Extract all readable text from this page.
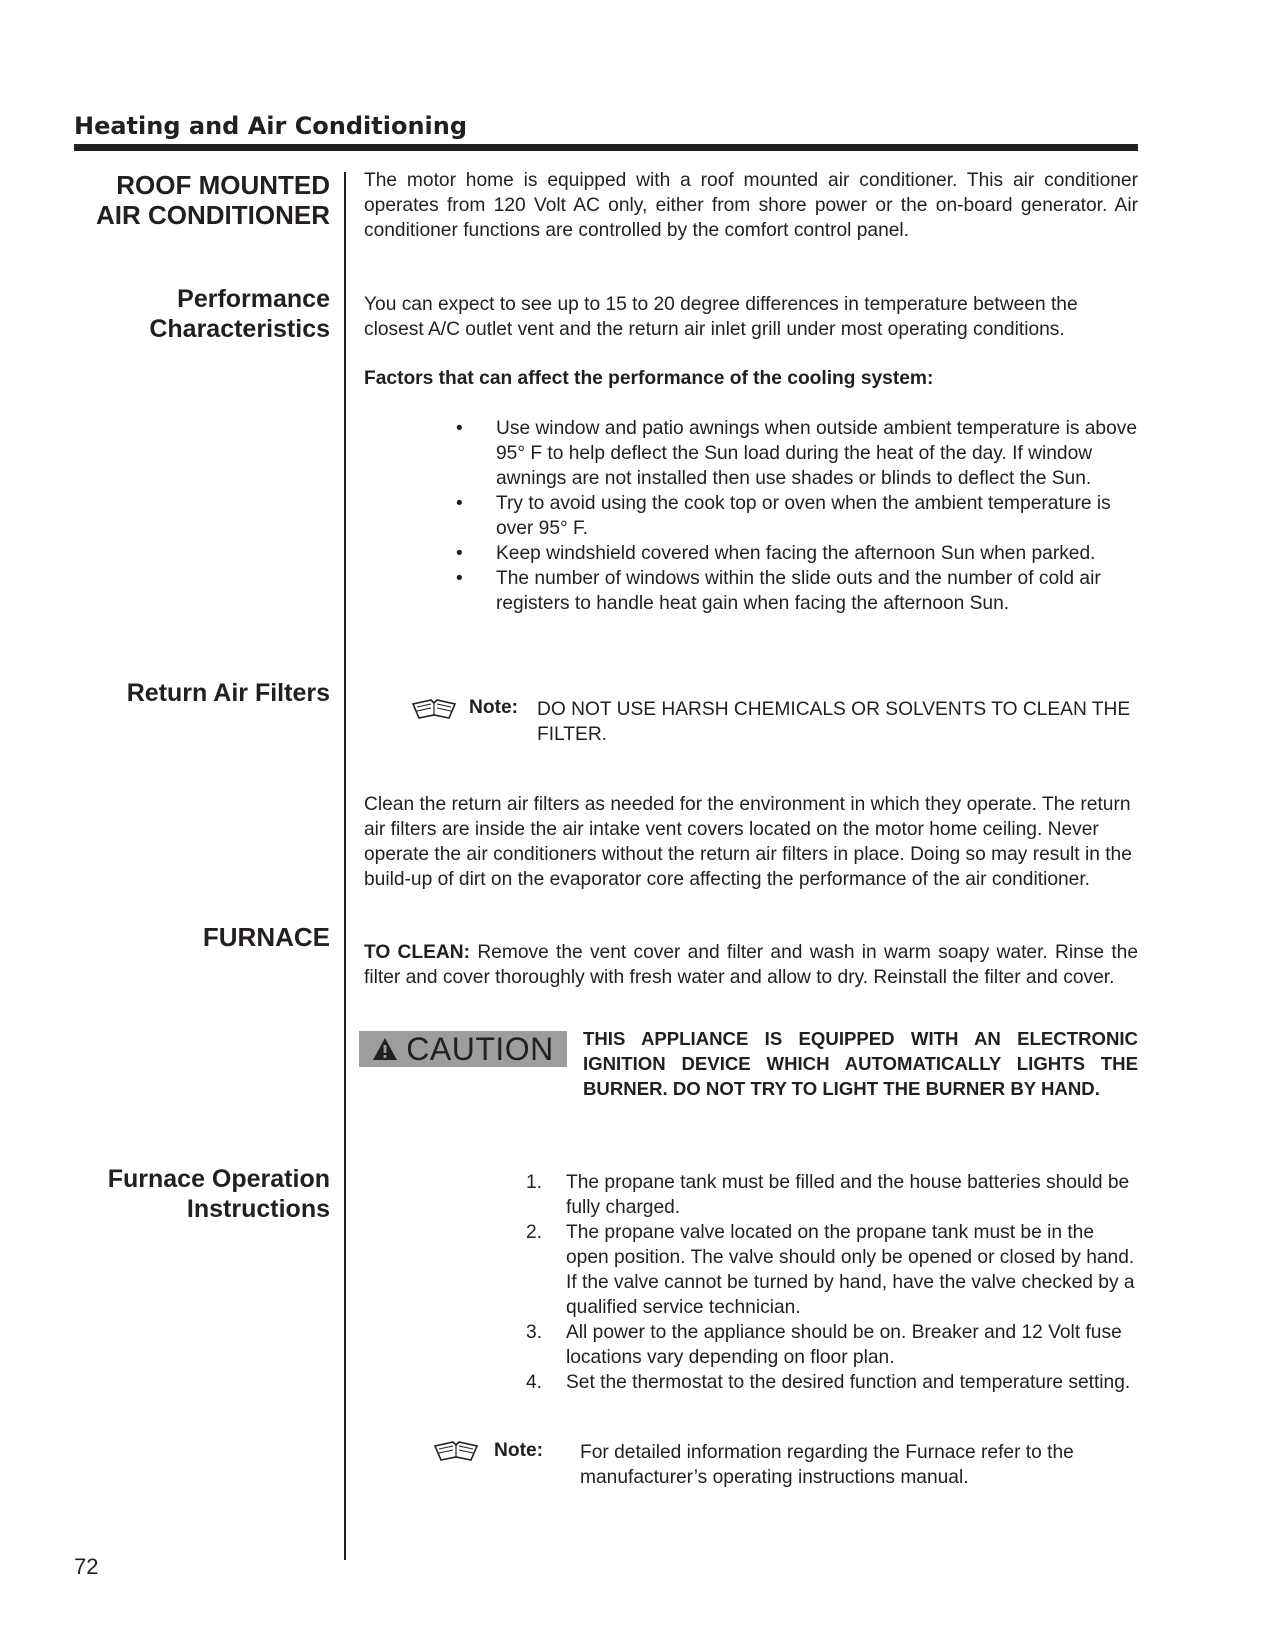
Heating and Air Conditioning
ROOF MOUNTED
AIR CONDITIONER
Performance
Characteristics
Return Air Filters
FURNACE
Furnace Operation
Instructions
The motor home is equipped with a roof mounted air conditioner. This air conditioner operates from 120 Volt AC only, either from shore power or the on-board generator. Air conditioner functions are controlled by the comfort control panel.
You can expect to see up to 15 to 20 degree differences in temperature between the closest A/C outlet vent and the return air inlet grill under most operating conditions.
Factors that can affect the performance of the cooling system:
• Use window and patio awnings when outside ambient temperature is above 95° F to help deflect the Sun load during the heat of the day. If window awnings are not installed then use shades or blinds to deflect the Sun.
• Try to avoid using the cook top or oven when the ambient temperature is over 95° F.
• Keep windshield covered when facing the afternoon Sun when parked.
• The number of windows within the slide outs and the number of cold air registers to handle heat gain when facing the afternoon Sun.
Note: DO NOT USE HARSH CHEMICALS OR SOLVENTS TO CLEAN THE FILTER.
Clean the return air filters as needed for the environment in which they operate. The return air filters are inside the air intake vent covers located on the motor home ceiling. Never operate the air conditioners without the return air filters in place. Doing so may result in the build-up of dirt on the evaporator core affecting the performance of the air conditioner.
TO CLEAN: Remove the vent cover and filter and wash in warm soapy water. Rinse the filter and cover thoroughly with fresh water and allow to dry. Reinstall the filter and cover.
CAUTION THIS APPLIANCE IS EQUIPPED WITH AN ELECTRONIC IGNITION DEVICE WHICH AUTOMATICALLY LIGHTS THE BURNER. DO NOT TRY TO LIGHT THE BURNER BY HAND.
1. The propane tank must be filled and the house batteries should be fully charged.
2. The propane valve located on the propane tank must be in the open position. The valve should only be opened or closed by hand. If the valve cannot be turned by hand, have the valve checked by a qualified service technician.
3. All power to the appliance should be on. Breaker and 12 Volt fuse locations vary depending on floor plan.
4. Set the thermostat to the desired function and temperature setting.
Note: For detailed information regarding the Furnace refer to the manufacturer’s operating instructions manual.
72
